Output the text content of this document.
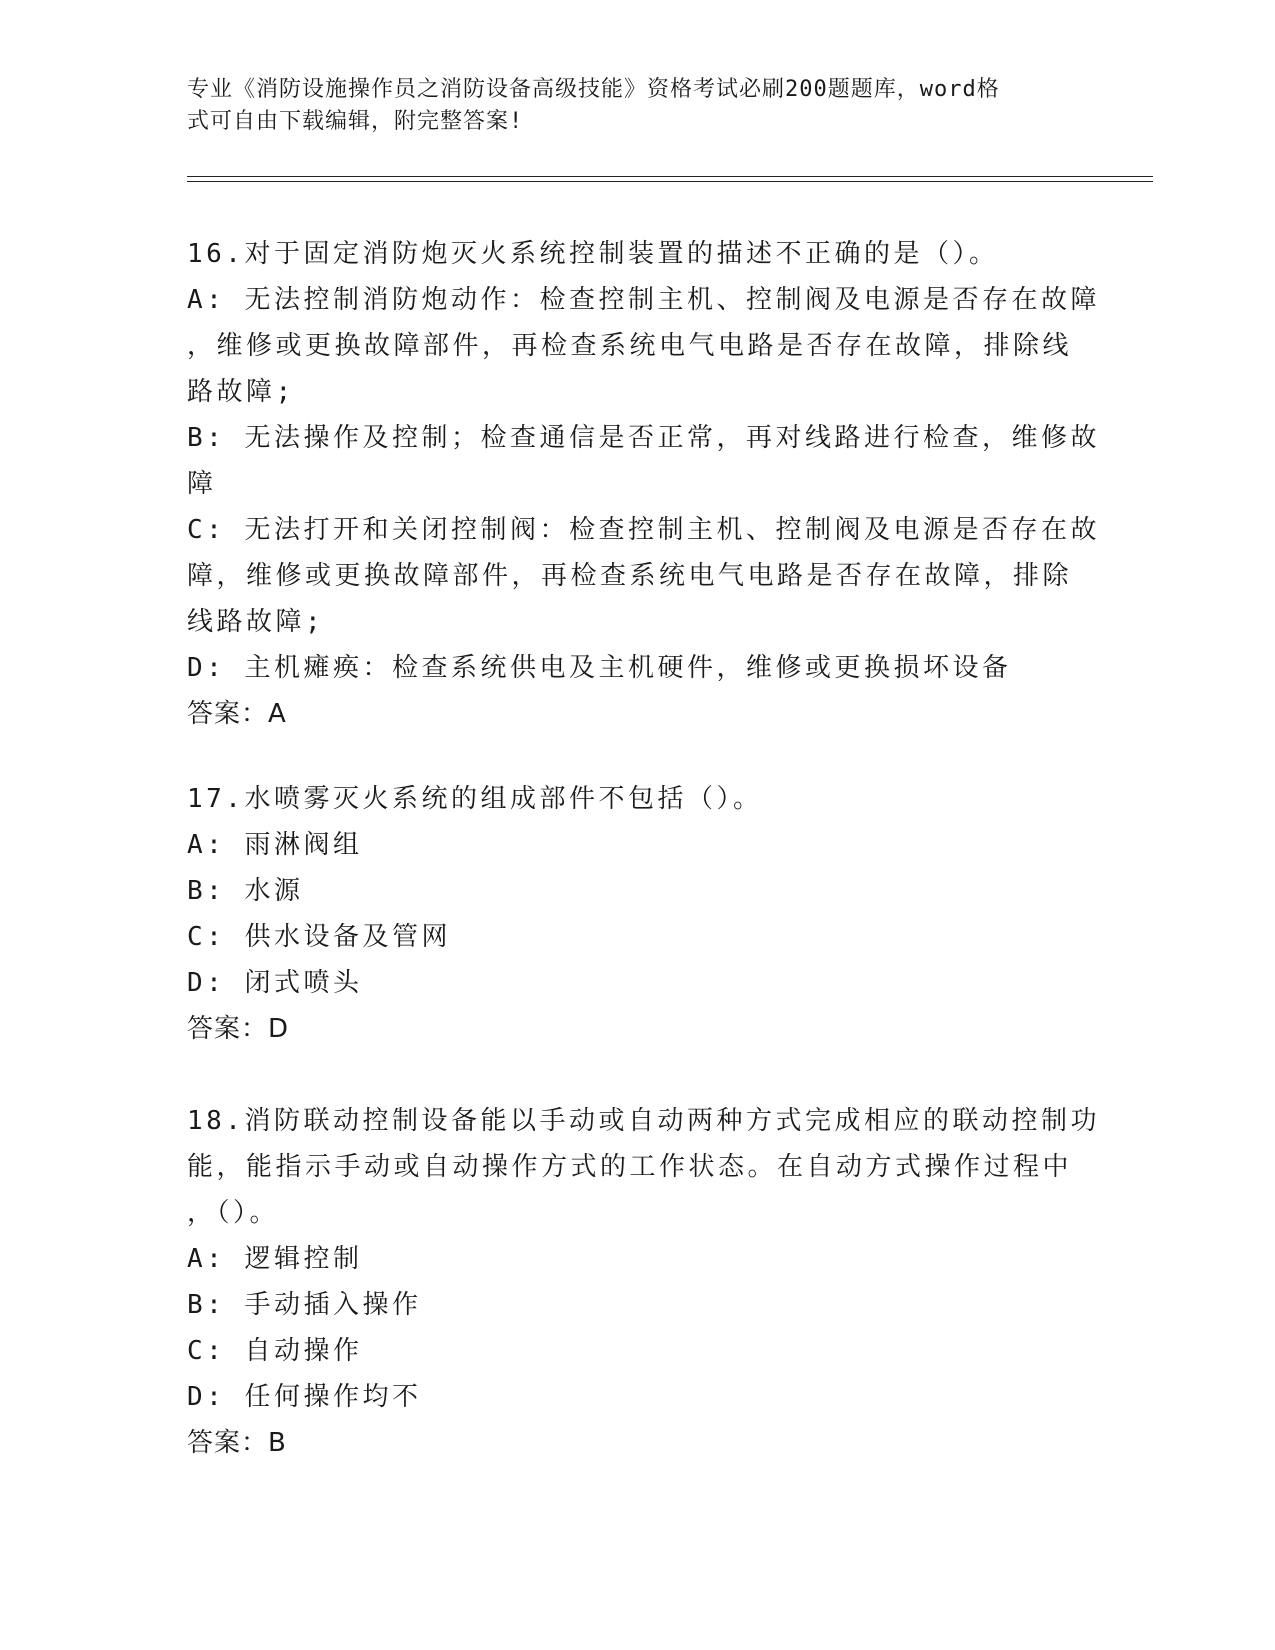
专业《消防设施操作员之消防设备高级技能》资格考试必刷200题题库，word格
式可自由下载编辑，附完整答案!
16.对于固定消防炮灭火系统控制装置的描述不正确的是（）。
A: 无法控制消防炮动作：检查控制主机、控制阀及电源是否存在故障
，维修或更换故障部件，再检查系统电气电路是否存在故障，排除线
路故障;
B: 无法操作及控制；检查通信是否正常，再对线路进行检查，维修故
障
C: 无法打开和关闭控制阀：检查控制主机、控制阀及电源是否存在故
障，维修或更换故障部件，再检查系统电气电路是否存在故障，排除
线路故障;
D: 主机瘫痪：检查系统供电及主机硬件，维修或更换损坏设备
答案：A
17.水喷雾灭火系统的组成部件不包括（）。
A: 雨淋阀组
B: 水源
C: 供水设备及管网
D: 闭式喷头
答案：D
18.消防联动控制设备能以手动或自动两种方式完成相应的联动控制功
能，能指示手动或自动操作方式的工作状态。在自动方式操作过程中
，（）。
A: 逻辑控制
B: 手动插入操作
C: 自动操作
D: 任何操作均不
答案：B
